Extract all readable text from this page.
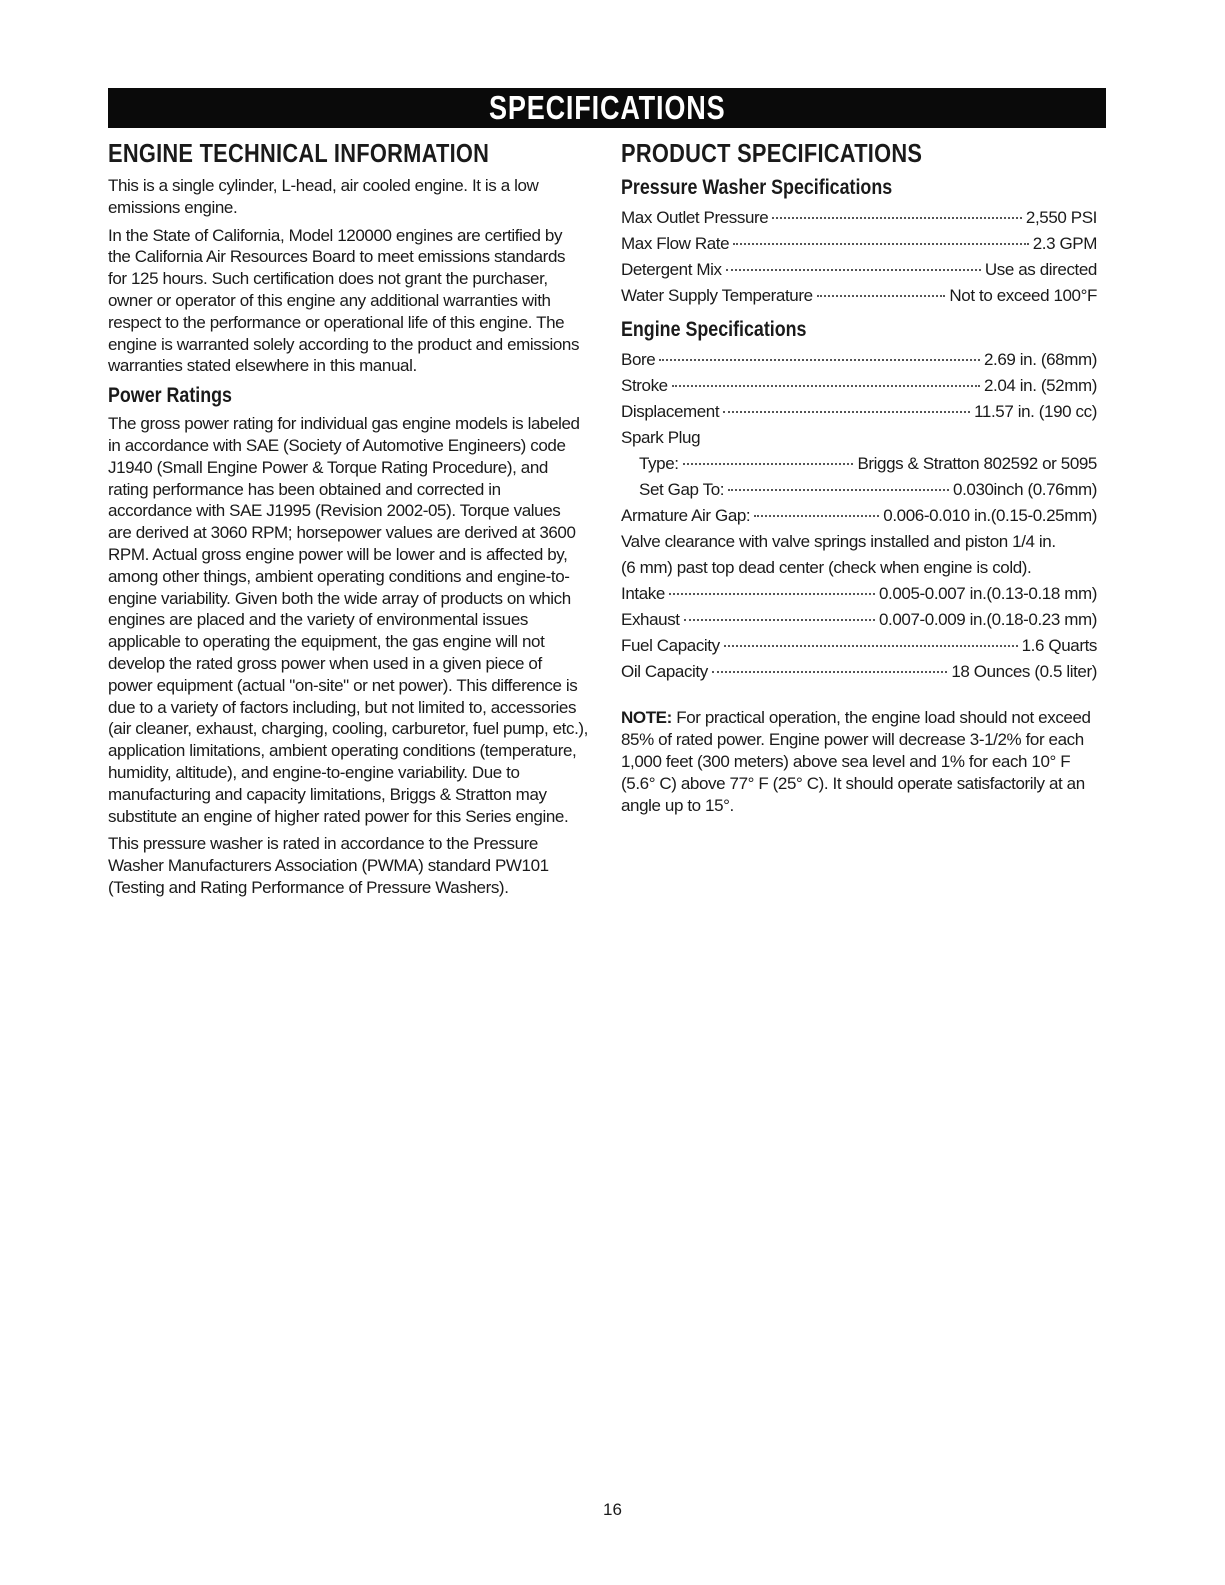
SPECIFICATIONS
ENGINE TECHNICAL INFORMATION

This is a single cylinder, L-head, air cooled engine. It is a low emissions engine.

In the State of California, Model 120000 engines are certified by the California Air Resources Board to meet emissions standards for 125 hours. Such certification does not grant the purchaser, owner or operator of this engine any additional warranties with respect to the performance or operational life of this engine. The engine is warranted solely according to the product and emissions warranties stated elsewhere in this manual.

Power Ratings

The gross power rating for individual gas engine models is labeled in accordance with SAE (Society of Automotive Engineers) code J1940 (Small Engine Power & Torque Rating Procedure), and rating performance has been obtained and corrected in accordance with SAE J1995 (Revision 2002-05). Torque values are derived at 3060 RPM; horsepower values are derived at 3600 RPM. Actual gross engine power will be lower and is affected by, among other things, ambient operating conditions and engine-to-engine variability. Given both the wide array of products on which engines are placed and the variety of environmental issues applicable to operating the equipment, the gas engine will not develop the rated gross power when used in a given piece of power equipment (actual "on-site" or net power). This difference is due to a variety of factors including, but not limited to, accessories (air cleaner, exhaust, charging, cooling, carburetor, fuel pump, etc.), application limitations, ambient operating conditions (temperature, humidity, altitude), and engine-to-engine variability. Due to manufacturing and capacity limitations, Briggs & Stratton may substitute an engine of higher rated power for this Series engine.

This pressure washer is rated in accordance to the Pressure Washer Manufacturers Association (PWMA) standard PW101 (Testing and Rating Performance of Pressure Washers).

PRODUCT SPECIFICATIONS
Pressure Washer Specifications
Max Outlet Pressure	2,550 PSI
Max Flow Rate	2.3 GPM
Detergent Mix	Use as directed
Water Supply Temperature	Not to exceed 100°F
Engine Specifications
Bore	2.69 in. (68mm)
Stroke	2.04 in. (52mm)
Displacement	11.57 in. (190 cc)
Spark Plug
Type:	Briggs & Stratton 802592 or 5095
Set Gap To:	0.030inch (0.76mm)
Armature Air Gap:	0.006-0.010 in.(0.15-0.25mm)
Valve clearance with valve springs installed and piston 1/4 in.
(6 mm) past top dead center (check when engine is cold).
Intake	0.005-0.007 in.(0.13-0.18 mm)
Exhaust	0.007-0.009 in.(0.18-0.23 mm)
Fuel Capacity	1.6 Quarts
Oil Capacity	18 Ounces (0.5 liter)

NOTE: For practical operation, the engine load should not exceed 85% of rated power. Engine power will decrease 3-1/2% for each 1,000 feet (300 meters) above sea level and 1% for each 10° F (5.6° C) above 77° F (25° C). It should operate satisfactorily at an angle up to 15°.

16
